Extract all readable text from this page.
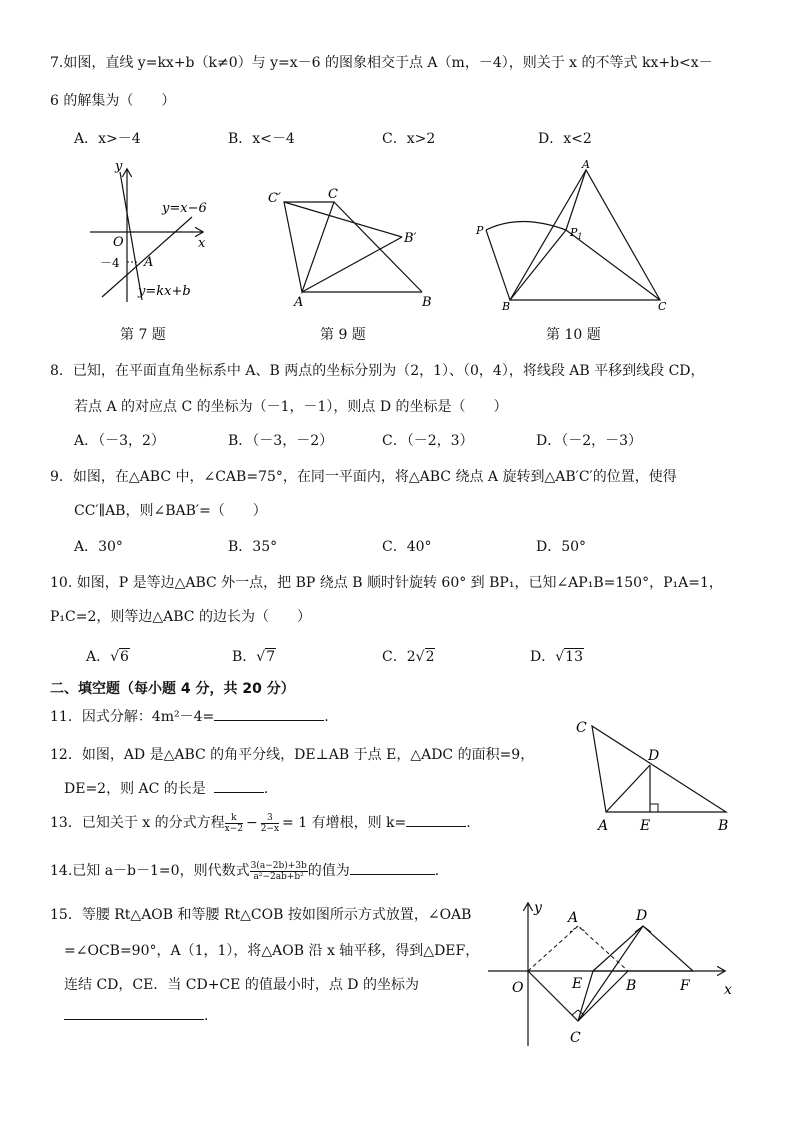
7.如图，直线 y=kx+b（k≠0）与 y=x－6 的图象相交于点 A（m，－4），则关于 x 的不等式 kx+b<x－
6 的解集为（　　）
A．x>－4	B．x<－4	C．x>2	D．x<2
y
x
O
－4 A
y=x−6
y=kx+b
第 7 题
C′	C
B′
A	B
第 9 题
A
P	$P_1$
B	C
第 10 题
8．已知，在平面直角坐标系中 A、B 两点的坐标分别为（2，1）、（0，4），将线段 AB 平移到线段 CD，
若点 A 的对应点 C 的坐标为（－1，－1），则点 D 的坐标是（　　）
A．（－3，2）	B．（－3，－2）	C．（－2，3）	D．（－2，－3）
9．如图，在△ABC 中，∠CAB=75°，在同一平面内，将△ABC 绕点 A 旋转到△AB′C′的位置，使得
CC′∥AB，则∠BAB′=（　　）
A．30°	B．35°	C．40°	D．50°
10. 如图，P 是等边△ABC 外一点，把 BP 绕点 B 顺时针旋转 60° 到 BP₁，已知∠AP₁B=150°，P₁A=1，
P₁C=2，则等边△ABC 的边长为（　　）
A．√6	B．√7	C．2√2	D．√13
二、填空题（每小题 4 分，共 20 分）
11．因式分解：4m²－4=	.
12．如图，AD 是△ABC 的角平分线，DE⊥AB 于点 E，△ADC 的面积=9，
DE=2，则 AC 的长是	.
C
D
A E	B
13．已知关于 x 的分式方程 $\frac{k}{x-2} - \frac{3}{2-x} = 1$ 有增根，则 k=	.
14.已知 a－b－1=0，则代数式 $\frac{3(a-2b)+3b}{\text{a²−2ab+b²}}$ 的值为	.
15．等腰 Rt△AOB 和等腰 Rt△COB 按如图所示方式放置，∠OAB
=∠OCB=90°，A（1，1），将△AOB 沿 x 轴平移，得到△DEF，
连结 CD，CE．当 CD+CE 的值最小时，点 D 的坐标为
.
y
A	D
O	E	B	F x
C
